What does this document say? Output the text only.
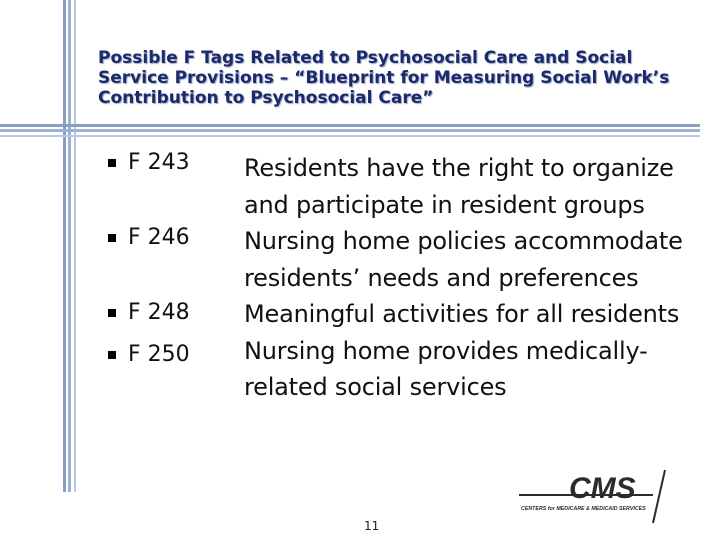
Possible F Tags Related to Psychosocial Care and Social
Service Provisions – “Blueprint for Measuring Social Work’s
Contribution to Psychosocial Care”
F 243
F 246
F 248
F 250
Residents have the right to organize
and participate in resident groups
Nursing home policies accommodate
residents’ needs and preferences
Meaningful activities for all residents
Nursing home provides medically-
related social services
11
CMS
CENTERS for MEDICARE & MEDICAID SERVICES
